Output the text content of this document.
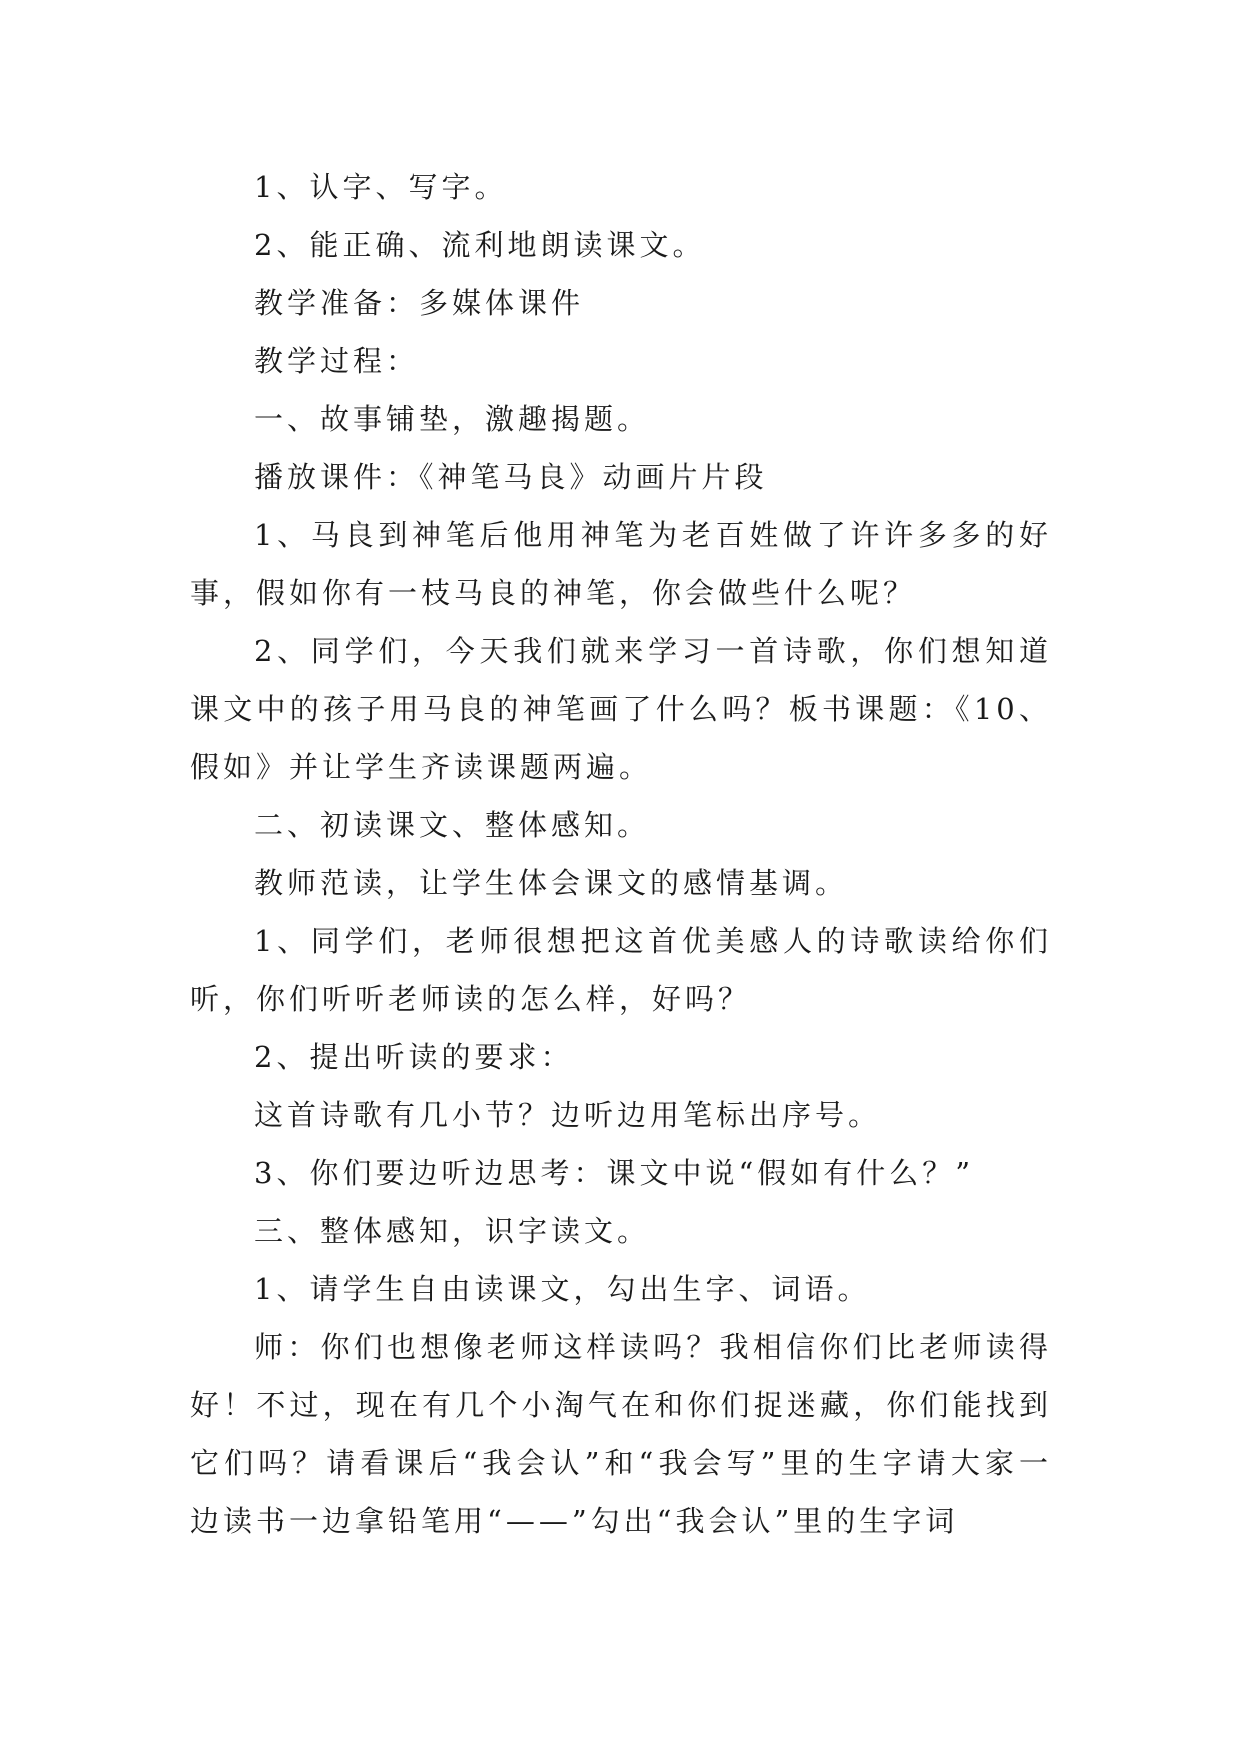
1、认字、写字。

2、能正确、流利地朗读课文。

教学准备：多媒体课件

教学过程：

一、故事铺垫，激趣揭题。

播放课件：《神笔马良》动画片片段

1、马良到神笔后他用神笔为老百姓做了许许多多的好事，假如你有一枝马良的神笔，你会做些什么呢？

2、同学们，今天我们就来学习一首诗歌，你们想知道课文中的孩子用马良的神笔画了什么吗？板书课题：《10、假如》并让学生齐读课题两遍。

二、初读课文、整体感知。

教师范读，让学生体会课文的感情基调。

1、同学们，老师很想把这首优美感人的诗歌读给你们听，你们听听老师读的怎么样，好吗？

2、提出听读的要求：

这首诗歌有几小节？边听边用笔标出序号。

3、你们要边听边思考：课文中说“假如有什么？”

三、整体感知，识字读文。

1、请学生自由读课文，勾出生字、词语。

师：你们也想像老师这样读吗？我相信你们比老师读得好！不过，现在有几个小淘气在和你们捉迷藏，你们能找到它们吗？请看课后“我会认”和“我会写”里的生字请大家一边读书一边拿铅笔用“——”勾出“我会认”里的生字词
